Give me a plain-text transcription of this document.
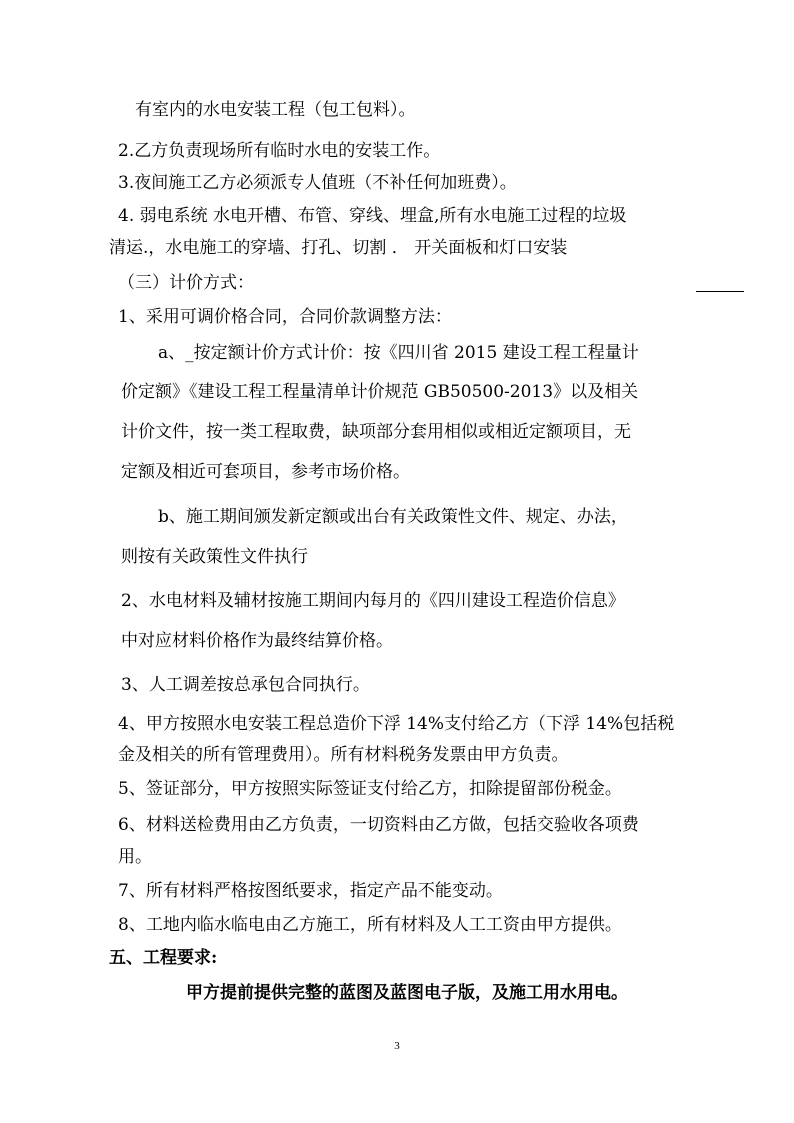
有室内的水电安装工程（包工包料）。
2.乙方负责现场所有临时水电的安装工作。
3.夜间施工乙方必须派专人值班（不补任何加班费）。
4. 弱电系统 水电开槽、布管、穿线、埋盒,所有水电施工过程的垃圾
清运.，水电施工的穿墙、打孔、切割 ． 开关面板和灯口安装
（三）计价方式：
1、采用可调价格合同，合同价款调整方法：
a、_按定额计价方式计价：按《四川省 2015 建设工程工程量计
价定额》《建设工程工程量清单计价规范 GB50500-2013》以及相关
计价文件，按一类工程取费，缺项部分套用相似或相近定额项目，无
定额及相近可套项目，参考市场价格。
b、施工期间颁发新定额或出台有关政策性文件、规定、办法，
则按有关政策性文件执行
2、水电材料及辅材按施工期间内每月的《四川建设工程造价信息》
中对应材料价格作为最终结算价格。
3、人工调差按总承包合同执行。
4、甲方按照水电安装工程总造价下浮 14%支付给乙方（下浮 14%包括税
金及相关的所有管理费用）。所有材料税务发票由甲方负责。
5、签证部分，甲方按照实际签证支付给乙方，扣除提留部份税金。
6、材料送检费用由乙方负责，一切资料由乙方做，包括交验收各项费
用。
7、所有材料严格按图纸要求，指定产品不能变动。
8、工地内临水临电由乙方施工，所有材料及人工工资由甲方提供。
五、工程要求:
甲方提前提供完整的蓝图及蓝图电子版，及施工用水用电。
3
